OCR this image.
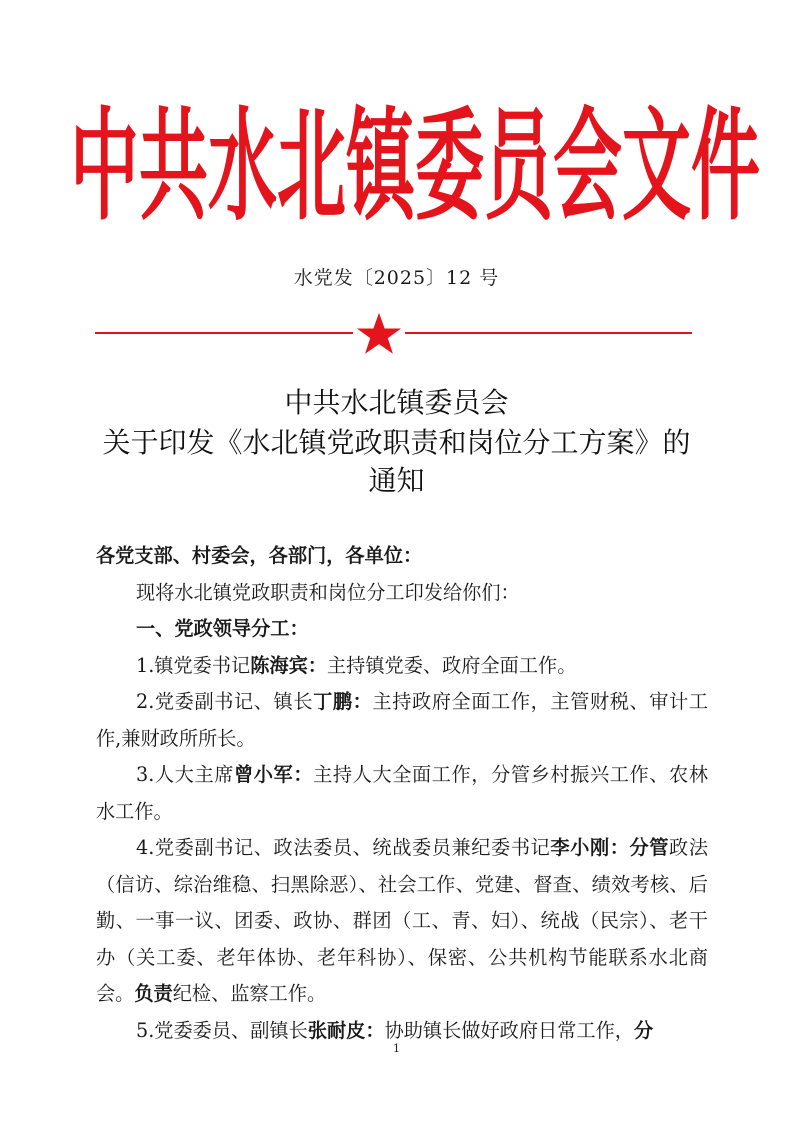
中共水北镇委员会文件
水党发〔2025〕12 号
中共水北镇委员会
关于印发《水北镇党政职责和岗位分工方案》的
通知

各党支部、村委会，各部门，各单位：

现将水北镇党政职责和岗位分工印发给你们：

一、党政领导分工：

1.镇党委书记陈海宾：主持镇党委、政府全面工作。

2.党委副书记、镇长丁鹏：主持政府全面工作，主管财税、审计工作,兼财政所所长。

3.人大主席曾小军：主持人大全面工作，分管乡村振兴工作、农林水工作。

4.党委副书记、政法委员、统战委员兼纪委书记李小刚：分管政法（信访、综治维稳、扫黑除恶）、社会工作、党建、督查、绩效考核、后勤、一事一议、团委、政协、群团（工、青、妇）、统战（民宗）、老干办（关工委、老年体协、老年科协）、保密、公共机构节能联系水北商会。负责纪检、监察工作。

5.党委委员、副镇长张耐皮：协助镇长做好政府日常工作，分

1
